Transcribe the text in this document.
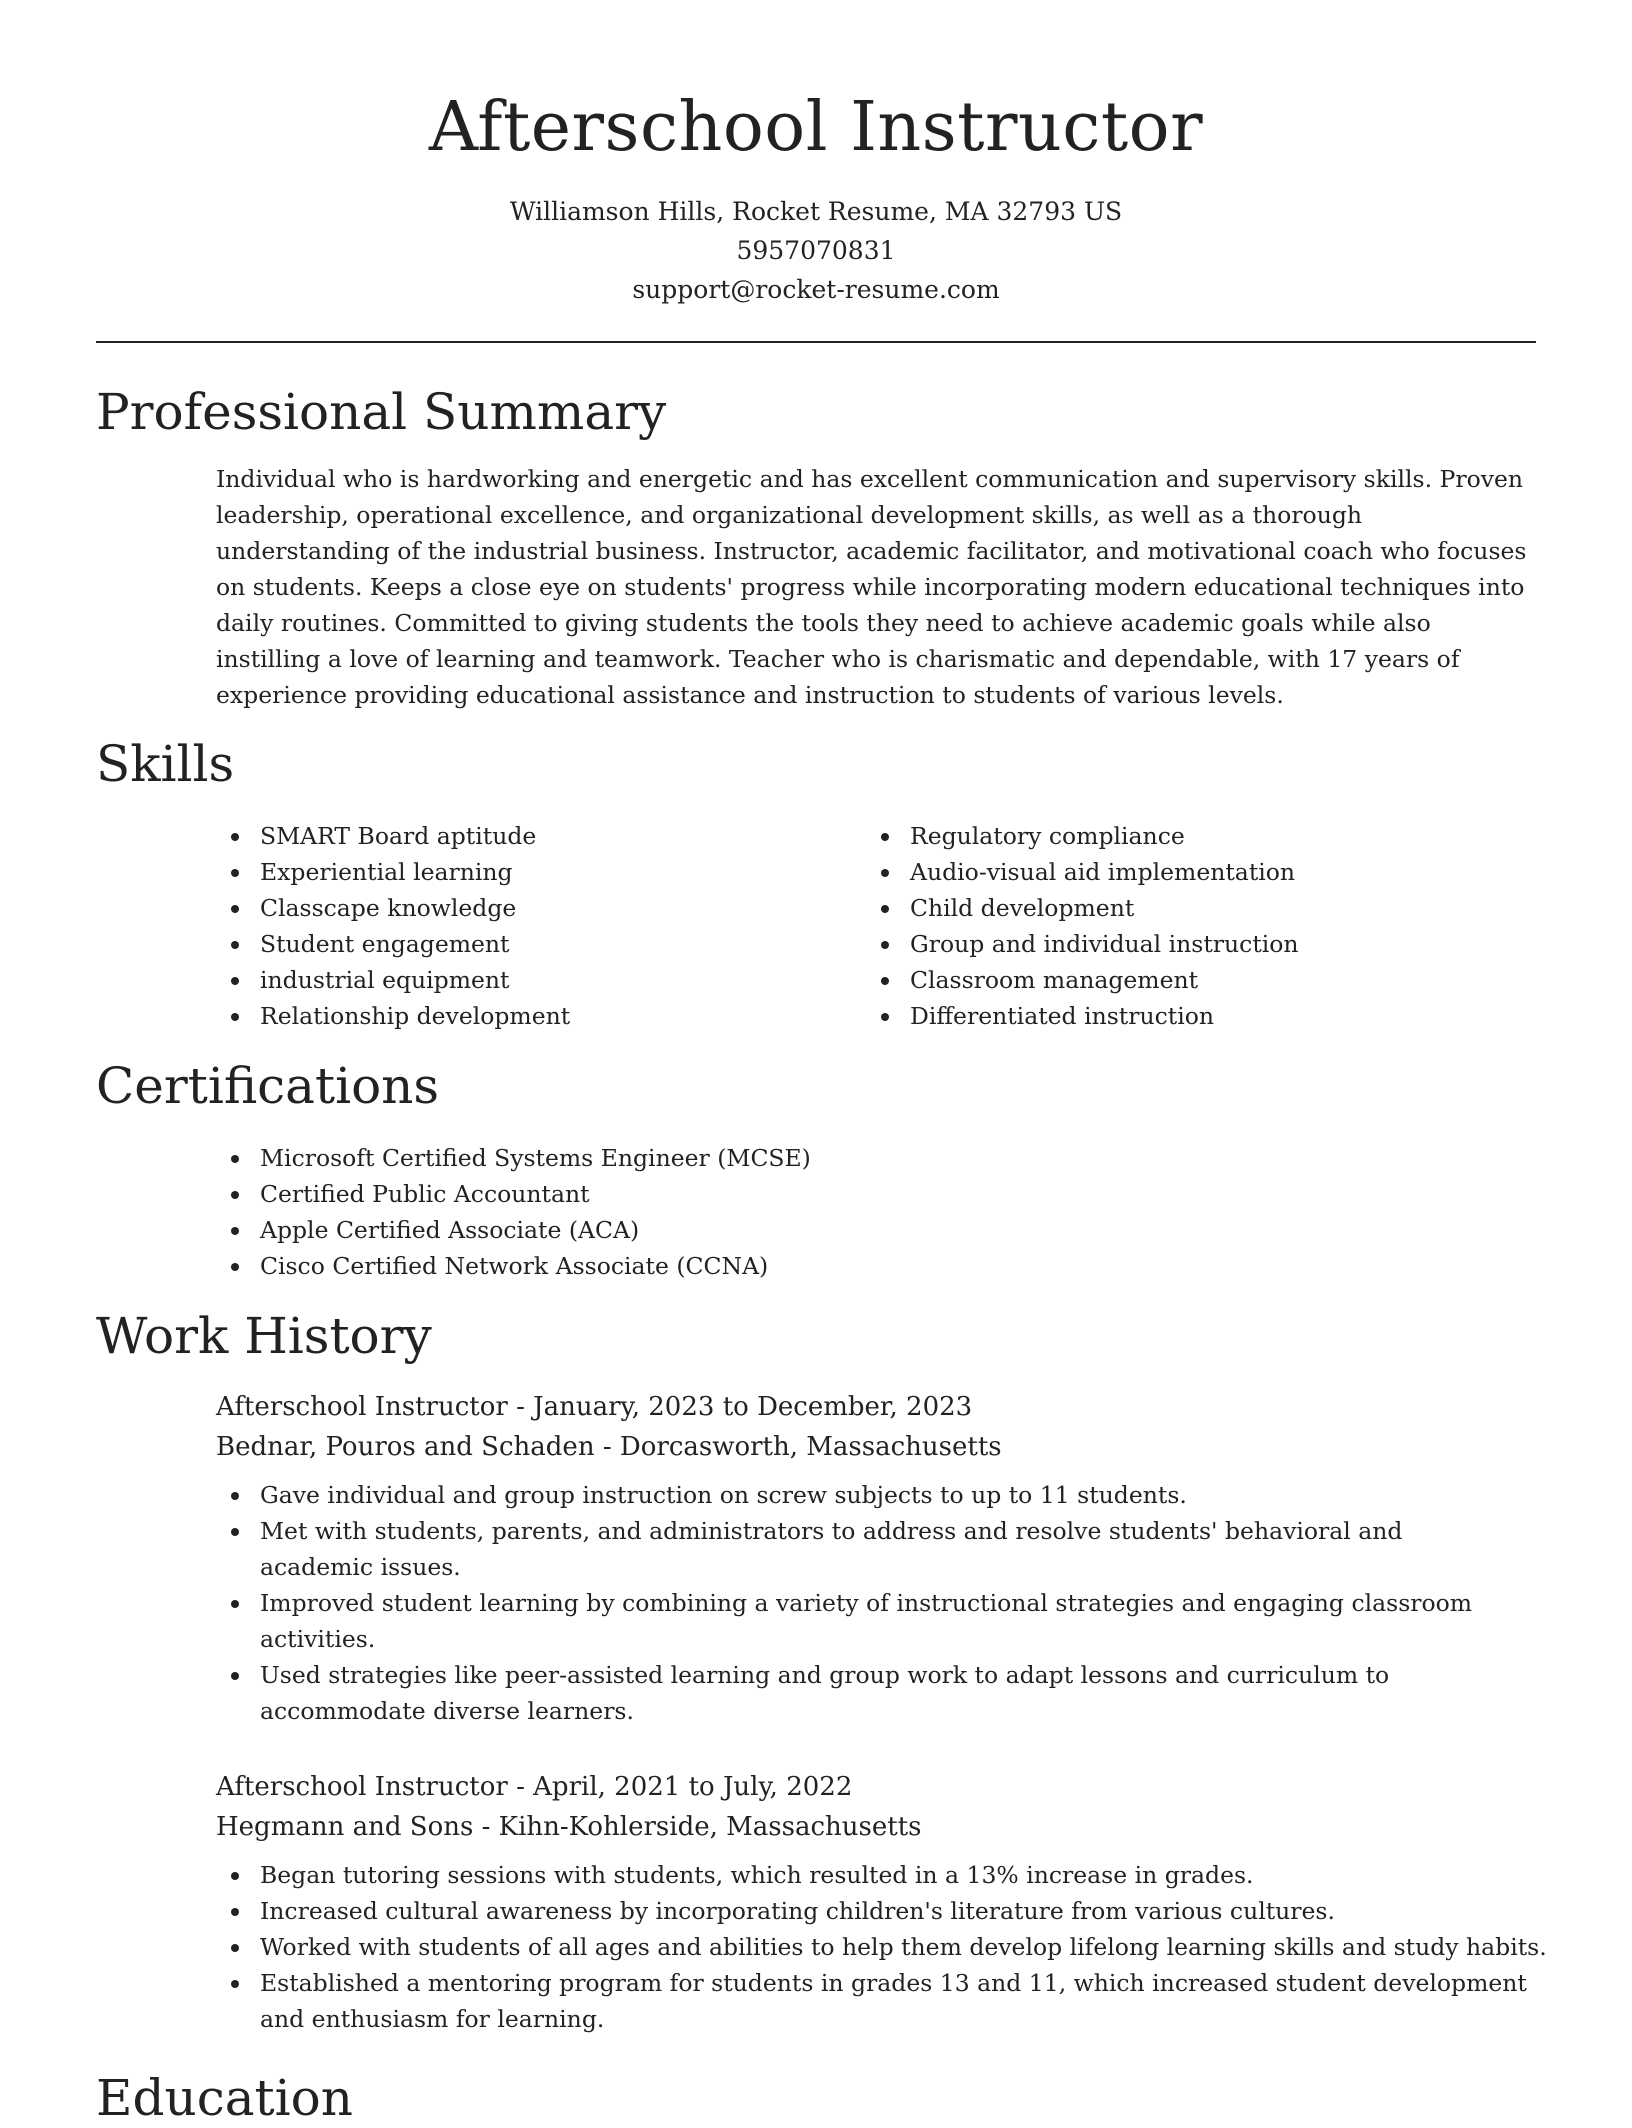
Afterschool Instructor
Williamson Hills, Rocket Resume, MA 32793 US
5957070831
support@rocket-resume.com
Professional Summary

Individual who is hardworking and energetic and has excellent communication and supervisory skills. Proven leadership, operational excellence, and organizational development skills, as well as a thorough understanding of the industrial business. Instructor, academic facilitator, and motivational coach who focuses on students. Keeps a close eye on students' progress while incorporating modern educational techniques into daily routines. Committed to giving students the tools they need to achieve academic goals while also instilling a love of learning and teamwork. Teacher who is charismatic and dependable, with 17 years of experience providing educational assistance and instruction to students of various levels.

Skills
SMART Board aptitude
Experiential learning
Classcape knowledge
Student engagement
industrial equipment
Relationship development
Regulatory compliance
Audio-visual aid implementation
Child development
Group and individual instruction
Classroom management
Differentiated instruction
Certifications
Microsoft Certified Systems Engineer (MCSE)
Certified Public Accountant
Apple Certified Associate (ACA)
Cisco Certified Network Associate (CCNA)
Work History
Afterschool Instructor - January, 2023 to December, 2023
Bednar, Pouros and Schaden - Dorcasworth, Massachusetts
Gave individual and group instruction on screw subjects to up to 11 students.
Met with students, parents, and administrators to address and resolve students' behavioral and academic issues.
Improved student learning by combining a variety of instructional strategies and engaging classroom activities.
Used strategies like peer-assisted learning and group work to adapt lessons and curriculum to accommodate diverse learners.
Afterschool Instructor - April, 2021 to July, 2022
Hegmann and Sons - Kihn-Kohlerside, Massachusetts
Began tutoring sessions with students, which resulted in a 13% increase in grades.
Increased cultural awareness by incorporating children's literature from various cultures.
Worked with students of all ages and abilities to help them develop lifelong learning skills and study habits.
Established a mentoring program for students in grades 13 and 11, which increased student development and enthusiasm for learning.
Education
